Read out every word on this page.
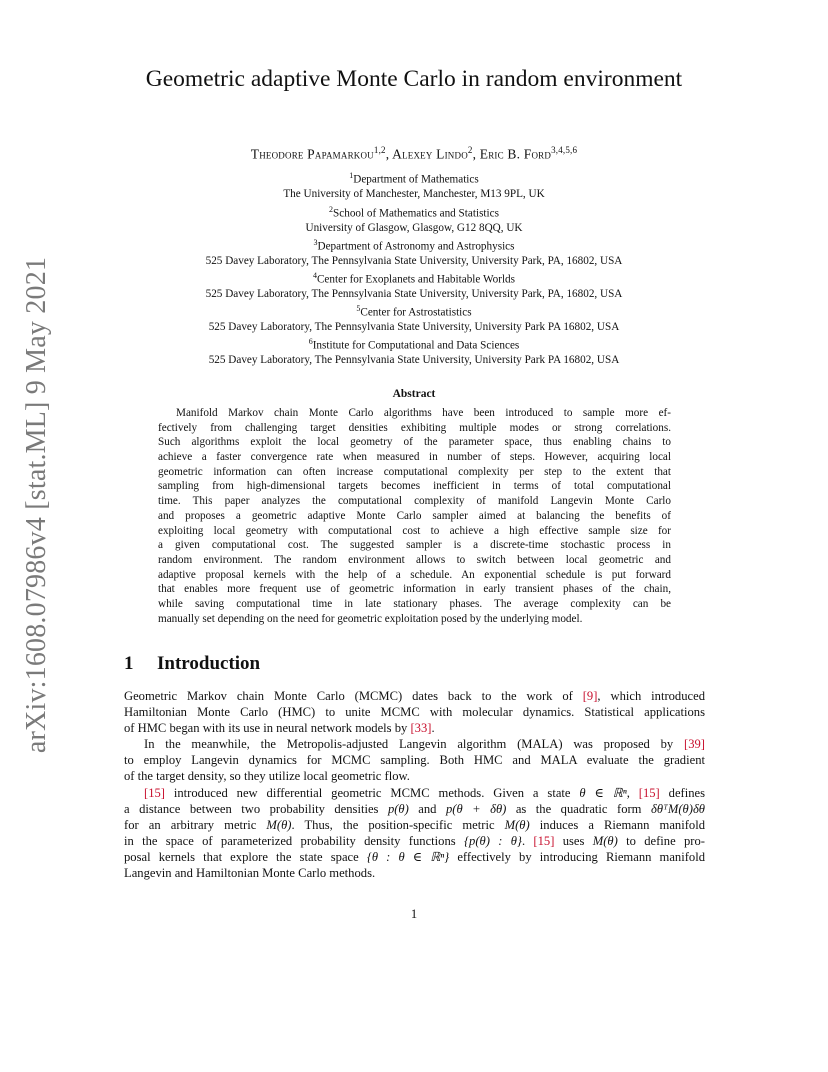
arXiv:1608.07986v4 [stat.ML] 9 May 2021
Geometric adaptive Monte Carlo in random environment
Theodore Papamarkou$^{1,2}$, Alexey Lindo$^2$, Eric B. Ford$^{3,4,5,6}$
$^1$Department of Mathematics
The University of Manchester, Manchester, M13 9PL, UK
$^2$School of Mathematics and Statistics
University of Glasgow, Glasgow, G12 8QQ, UK
$^3$Department of Astronomy and Astrophysics
525 Davey Laboratory, The Pennsylvania State University, University Park, PA, 16802, USA
$^4$Center for Exoplanets and Habitable Worlds
525 Davey Laboratory, The Pennsylvania State University, University Park, PA, 16802, USA
$^5$Center for Astrostatistics
525 Davey Laboratory, The Pennsylvania State University, University Park PA 16802, USA
$^6$Institute for Computational and Data Sciences
525 Davey Laboratory, The Pennsylvania State University, University Park PA 16802, USA
Abstract
Manifold Markov chain Monte Carlo algorithms have been introduced to sample more ef-
fectively from challenging target densities exhibiting multiple modes or strong correlations.
Such algorithms exploit the local geometry of the parameter space, thus enabling chains to
achieve a faster convergence rate when measured in number of steps. However, acquiring local
geometric information can often increase computational complexity per step to the extent that
sampling from high-dimensional targets becomes inefficient in terms of total computational
time. This paper analyzes the computational complexity of manifold Langevin Monte Carlo
and proposes a geometric adaptive Monte Carlo sampler aimed at balancing the benefits of
exploiting local geometry with computational cost to achieve a high effective sample size for
a given computational cost. The suggested sampler is a discrete-time stochastic process in
random environment. The random environment allows to switch between local geometric and
adaptive proposal kernels with the help of a schedule. An exponential schedule is put forward
that enables more frequent use of geometric information in early transient phases of the chain,
while saving computational time in late stationary phases. The average complexity can be
manually set depending on the need for geometric exploitation posed by the underlying model.
1 Introduction
Geometric Markov chain Monte Carlo (MCMC) dates back to the work of [9], which introduced
Hamiltonian Monte Carlo (HMC) to unite MCMC with molecular dynamics. Statistical applications
of HMC began with its use in neural network models by [33].
In the meanwhile, the Metropolis-adjusted Langevin algorithm (MALA) was proposed by [39]
to employ Langevin dynamics for MCMC sampling. Both HMC and MALA evaluate the gradient
of the target density, so they utilize local geometric flow.
[15] introduced new differential geometric MCMC methods. Given a state θ ∈ ℝⁿ, [15] defines
a distance between two probability densities p(θ) and p(θ + δθ) as the quadratic form δθᵀM(θ)δθ
for an arbitrary metric M(θ). Thus, the position-specific metric M(θ) induces a Riemann manifold
in the space of parameterized probability density functions {p(θ) : θ}. [15] uses M(θ) to define pro-
posal kernels that explore the state space {θ : θ ∈ ℝⁿ} effectively by introducing Riemann manifold
Langevin and Hamiltonian Monte Carlo methods.
1
